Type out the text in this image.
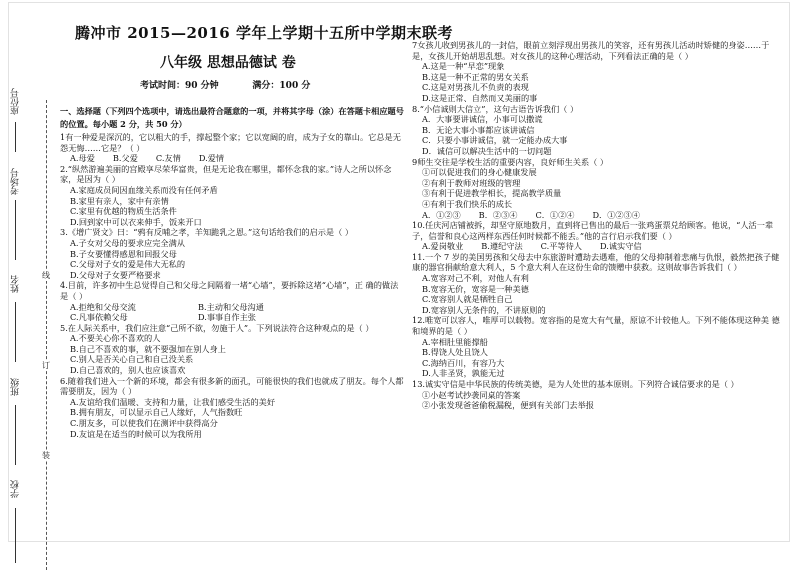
座位号
考场号
姓名
班级
学校
线
订
装
腾冲市 2015—2016 学年上学期十五所中学期末联考
八年级 思想品德试 卷
考试时间：90 分钟	满分：100 分
一、选择题（下列四个选项中，请选出最符合题意的一项，并将其字母（涂）在答题卡相应题号的位置。每小题 2 分，共 50 分）

1有一种爱是深沉的，它以粗大的手，撑起整个家；它以宽阔的肩，成为子女的靠山。它总是无怨无悔……它是？（ ）

A.母爱 B.父爱 C.友情 D.爱情

2.“纵然游遍美丽的宫殿享尽荣华富贵，但是无论我在哪里，都怀念我的家。”诗人之所以怀念家，是因为（ ）

A.家庭成员间因血缘关系而没有任何矛盾

B.家里有亲人，家中有亲情

C.家里有优越的物质生活条件

D.回到家中可以衣来伸手，饭来开口

3.《增广贤文》曰：“鸦有反哺之孝，羊知跪乳之恩。”这句话给我们的启示是（ ）

A.子女对父母的要求应完全满从

B.子女要懂得感恩和回报父母

C.父母对子女的爱是伟大无私的

D.父母对子女要严格要求

4.目前，许多初中生总觉得自己和父母之间隔着一堵“心墙”，要拆除这堵“心墙”，正 确的做法是（ ）

A.拒绝和父母交流	B.主动和父母沟通
C.凡事依赖父母	D.事事自作主张

5.在人际关系中，我们应注意“己所不欲，勿施于人”。下列说法符合这种观点的是（ ）

A.不要关心你不喜欢的人

B.自己不喜欢的事，就不要强加在别人身上

C.别人是否关心自己和自己没关系

D.自己喜欢的，别人也应该喜欢

6.随着我们进入一个新的环境，都会有很多新的面孔，可能很快的我们也就成了朋友。每个人都需要朋友，因为（ ）

A.友谊给我们温暖、支持和力量，让我们感受生活的美好

B.拥有朋友，可以显示自己人缘好，人气指数旺

C.朋友多，可以使我们在测评中获得高分

D.友谊是在适当的时候可以为我所用

7女孩儿收到男孩儿的一封信，眼前立刻浮现出男孩儿的笑容，还有男孩儿活动时矫健的身姿……于是，女孩儿开始胡思乱想。对女孩儿的这种心理活动，下列看法正确的是（ ）

A.这是一种“早恋”现象

B.这是一种不正常的男女关系

C.这是对男孩儿不负责的表现

D.这是正常、自然而又美丽的事

8.“小信诚则大信立”，这句古语告诉我们（ ）

A．大事要讲诚信，小事可以撒谎

B．无论大事小事都应该讲诚信

C．只要小事讲诚信，就一定能办成大事

D．诚信可以解决生活中的一切问题

9师生交往是学校生活的重要内容，良好师生关系（ ）

①可以促进我们的身心健康发展

②有利于教师对班级的管理

③有利于促进教学相长，提高教学质量

④有利于我们快乐的成长

A．①②③ B．②③④ C．①②④ D．①②③④

10.任庆河店铺被拆，却坚守原地数月，直到将已售出的最后一张鸡蛋票兑给顾客。他说，“人活一辈子，信誉和良心这两样东西任何时候都不能丢。”他的言行启示我们要（ ）

A.爱岗敬业 B.遵纪守法 C.平等待人 D.诚实守信

11.一个 7 岁的美国男孩和父母去中东旅游时遭劫去遇难，他的父母抑制着悲痛与仇恨，毅然把孩子健康的器官捐献给意大利人，5 个意大利人在这份生命的馈赠中获救。这则故事告诉我们（ ）

A.宽容对己不利，对他人有利

B.宽容无价，宽容是一种美德

C.宽容别人就是牺牲自己

D.宽容别人无条件的，不讲原则的

12.唯宽可以容人，唯厚可以载物。宽容指的是宽大有气量，原谅不计较他人。下列不能体现这种美 德和境界的是（ ）

A.宰相肚里能撑船

B.得饶人处且饶人

C.海纳百川，有容乃大

D.人非圣贤，孰能无过

13.诚实守信是中华民族的传统美德，是为人处世的基本原则。下列符合诚信要求的是（ ）

①小赵考试抄袭同桌的答案

②小张发现爸爸偷税漏税，便到有关部门去举报
